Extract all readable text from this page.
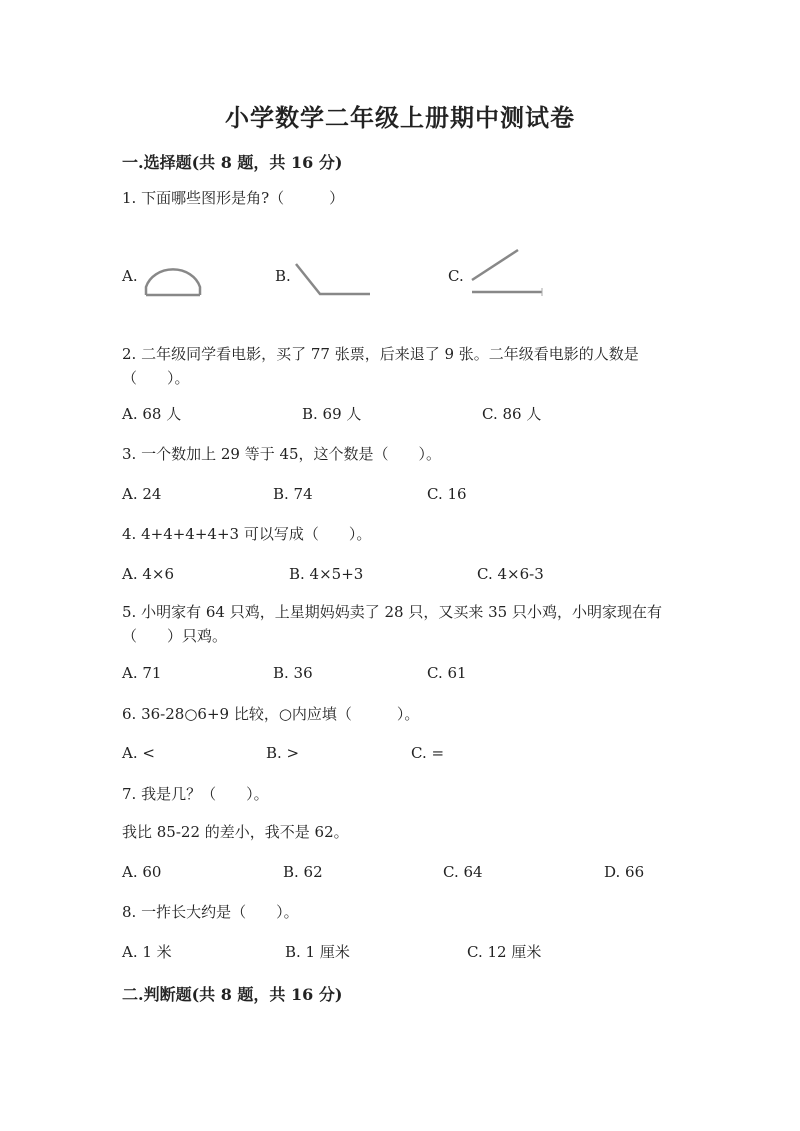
小学数学二年级上册期中测试卷
一.选择题(共 8 题，共 16 分)
1. 下面哪些图形是角?（　　　）
A.	B.	C.
2. 二年级同学看电影，买了 77 张票，后来退了 9 张。二年级看电影的人数是
（　　）。
A. 68 人	B. 69 人	C. 86 人
3. 一个数加上 29 等于 45，这个数是（　　）。
A. 24	B. 74	C. 16
4. 4+4+4+4+3 可以写成（　　）。
A. 4×6	B. 4×5+3	C. 4×6-3
5. 小明家有 64 只鸡，上星期妈妈卖了 28 只，又买来 35 只小鸡，小明家现在有
（　　）只鸡。
A. 71	B. 36	C. 61
6. 36-28○6+9 比较，○内应填（　　　）。
A. <	B. >	C. =
7. 我是几？（　　）。
我比 85-22 的差小，我不是 62。
A. 60	B. 62	C. 64	D. 66
8. 一拃长大约是（　　）。
A. 1 米	B. 1 厘米	C. 12 厘米
二.判断题(共 8 题，共 16 分)
